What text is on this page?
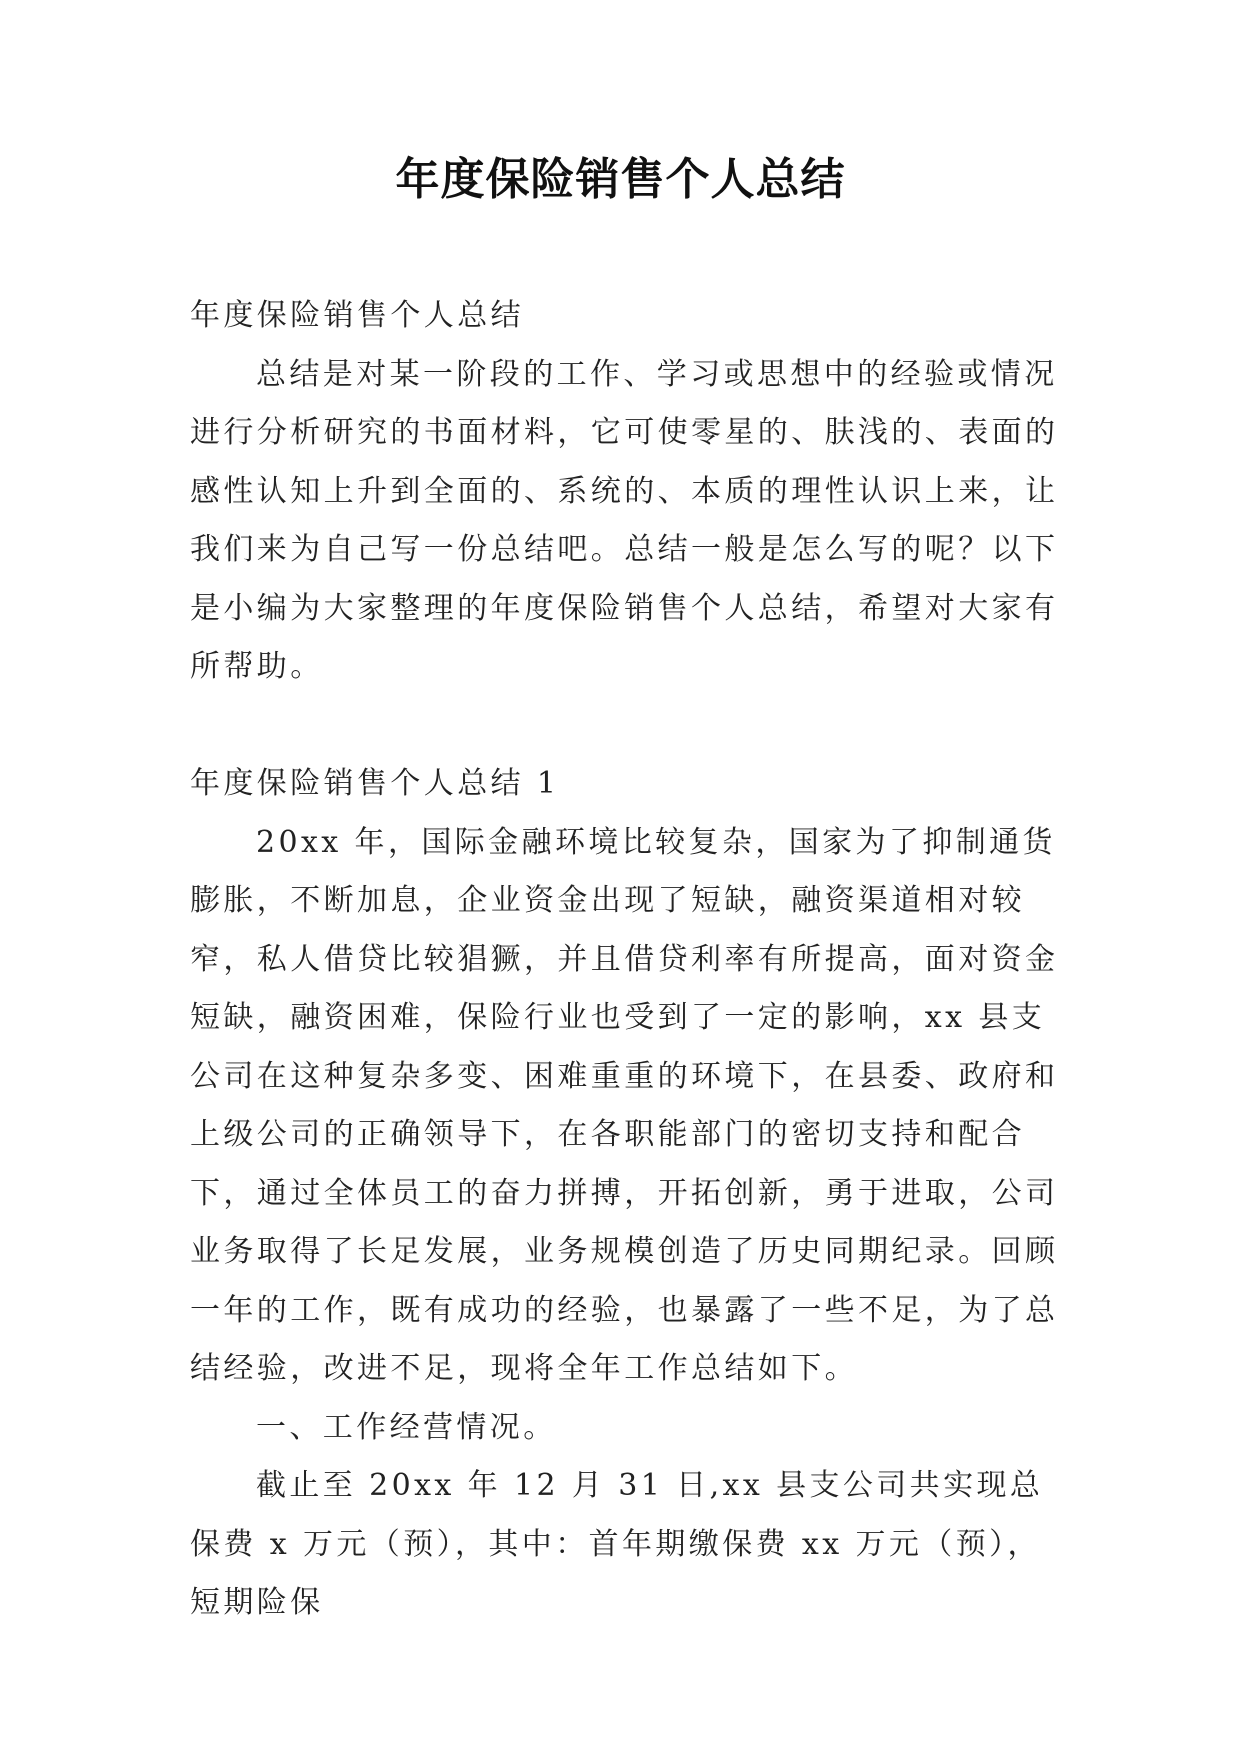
年度保险销售个人总结

年度保险销售个人总结

总结是对某一阶段的工作、学习或思想中的经验或情况进行分析研究的书面材料，它可使零星的、肤浅的、表面的感性认知上升到全面的、系统的、本质的理性认识上来，让我们来为自己写一份总结吧。总结一般是怎么写的呢？以下是小编为大家整理的年度保险销售个人总结，希望对大家有所帮助。

年度保险销售个人总结 1

20xx 年，国际金融环境比较复杂，国家为了抑制通货膨胀，不断加息，企业资金出现了短缺，融资渠道相对较窄，私人借贷比较猖獗，并且借贷利率有所提高，面对资金短缺，融资困难，保险行业也受到了一定的影响，xx 县支公司在这种复杂多变、困难重重的环境下，在县委、政府和上级公司的正确领导下，在各职能部门的密切支持和配合下，通过全体员工的奋力拼搏，开拓创新，勇于进取，公司业务取得了长足发展，业务规模创造了历史同期纪录。回顾一年的工作，既有成功的经验，也暴露了一些不足，为了总结经验，改进不足，现将全年工作总结如下。

一、工作经营情况。

截止至 20xx 年 12 月 31 日,xx 县支公司共实现总保费 x 万元（预），其中：首年期缴保费 xx 万元（预），短期险保
